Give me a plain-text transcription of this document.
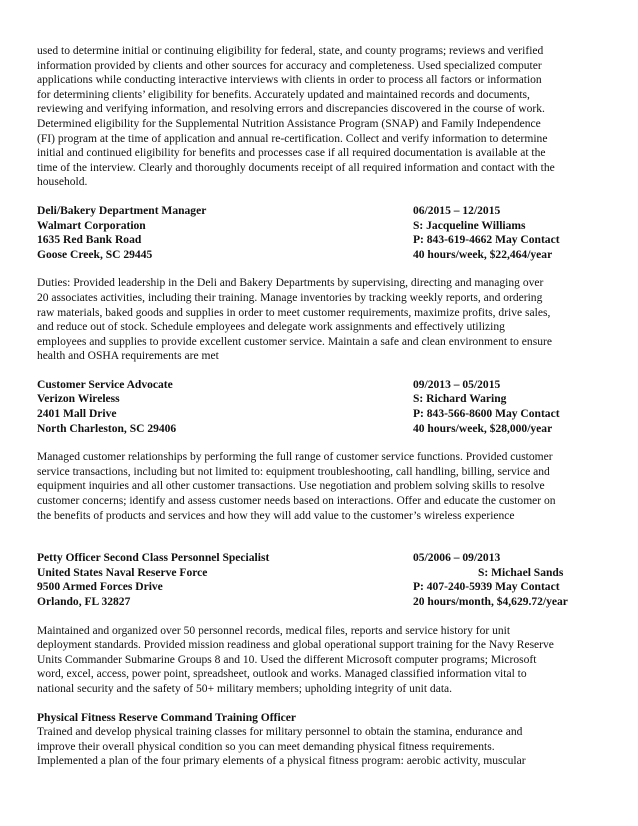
used to determine initial or continuing eligibility for federal, state, and county programs; reviews and verified
information provided by clients and other sources for accuracy and completeness. Used specialized computer
applications while conducting interactive interviews with clients in order to process all factors or information
for determining clients’ eligibility for benefits. Accurately updated and maintained records and documents,
reviewing and verifying information, and resolving errors and discrepancies discovered in the course of work.
Determined eligibility for the Supplemental Nutrition Assistance Program (SNAP) and Family Independence
(FI) program at the time of application and annual re-certification. Collect and verify information to determine
initial and continued eligibility for benefits and processes case if all required documentation is available at the
time of the interview. Clearly and thoroughly documents receipt of all required information and contact with the
household.
Deli/Bakery Department Manager	06/2015 – 12/2015
Walmart Corporation	S: Jacqueline Williams
1635 Red Bank Road	P: 843-619-4662 May Contact
Goose Creek, SC 29445	40 hours/week, $22,464/year
Duties: Provided leadership in the Deli and Bakery Departments by supervising, directing and managing over
20 associates activities, including their training. Manage inventories by tracking weekly reports, and ordering
raw materials, baked goods and supplies in order to meet customer requirements, maximize profits, drive sales,
and reduce out of stock. Schedule employees and delegate work assignments and effectively utilizing
employees and supplies to provide excellent customer service. Maintain a safe and clean environment to ensure
health and OSHA requirements are met
Customer Service Advocate	09/2013 – 05/2015
Verizon Wireless	S: Richard Waring
2401 Mall Drive	P: 843-566-8600 May Contact
North Charleston, SC 29406	40 hours/week, $28,000/year
Managed customer relationships by performing the full range of customer service functions. Provided customer
service transactions, including but not limited to: equipment troubleshooting, call handling, billing, service and
equipment inquiries and all other customer transactions. Use negotiation and problem solving skills to resolve
customer concerns; identify and assess customer needs based on interactions. Offer and educate the customer on
the benefits of products and services and how they will add value to the customer’s wireless experience
Petty Officer Second Class Personnel Specialist	05/2006 – 09/2013
United States Naval Reserve Force	S: Michael Sands
9500 Armed Forces Drive	P: 407-240-5939 May Contact
Orlando, FL 32827	20 hours/month, $4,629.72/year
Maintained and organized over 50 personnel records, medical files, reports and service history for unit
deployment standards. Provided mission readiness and global operational support training for the Navy Reserve
Units Commander Submarine Groups 8 and 10. Used the different Microsoft computer programs; Microsoft
word, excel, access, power point, spreadsheet, outlook and works. Managed classified information vital to
national security and the safety of 50+ military members; upholding integrity of unit data.
Physical Fitness Reserve Command Training Officer
Trained and develop physical training classes for military personnel to obtain the stamina, endurance and
improve their overall physical condition so you can meet demanding physical fitness requirements.
Implemented a plan of the four primary elements of a physical fitness program: aerobic activity, muscular
